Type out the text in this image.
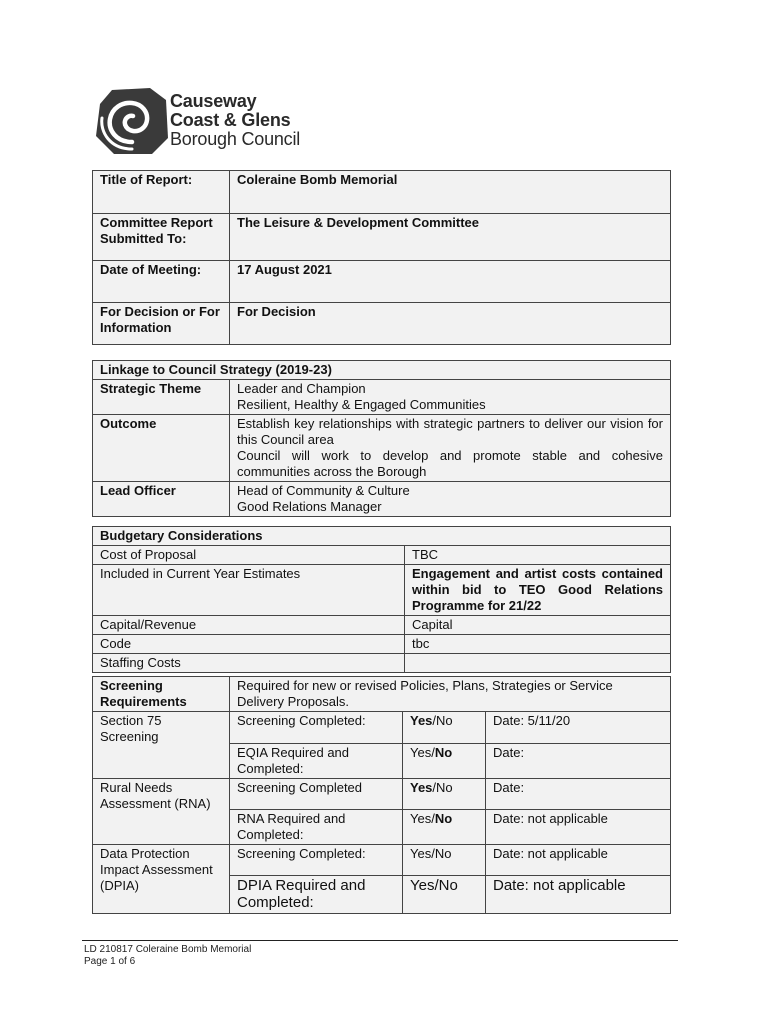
Causeway
Coast & Glens
Borough Council
Title of Report:	Coleraine Bomb Memorial
Committee Report Submitted To:	The Leisure & Development Committee
Date of Meeting:	17 August 2021
For Decision or For Information	For Decision
Linkage to Council Strategy (2019-23)	
Strategic Theme	Leader and Champion
Resilient, Healthy & Engaged Communities

Outcome	Establish key relationships with strategic partners to deliver our vision for this Council area
Council will work to develop and promote stable and cohesive communities across the Borough

Lead Officer	Head of Community & Culture
Good Relations Manager
Budgetary Considerations	
Cost of Proposal	TBC
Included in Current Year Estimates	Engagement and artist costs contained within bid to TEO Good Relations Programme for 21/22
Capital/Revenue	Capital
Code	tbc
Staffing Costs	
Screening Requirements	Required for new or revised Policies, Plans, Strategies or Service Delivery Proposals.		
Section 75 Screening	Screening Completed:	Yes/No	Date: 5/11/20
	EQIA Required and Completed:	Yes/No	Date:
Rural Needs Assessment (RNA)	Screening Completed	Yes/No	Date:
	RNA Required and Completed:	Yes/No	Date: not applicable
Data Protection Impact Assessment (DPIA)	Screening Completed:	Yes/No	Date: not applicable
	DPIA Required and Completed:	Yes/No	Date: not applicable
LD 210817 Coleraine Bomb Memorial
Page 1 of 6
